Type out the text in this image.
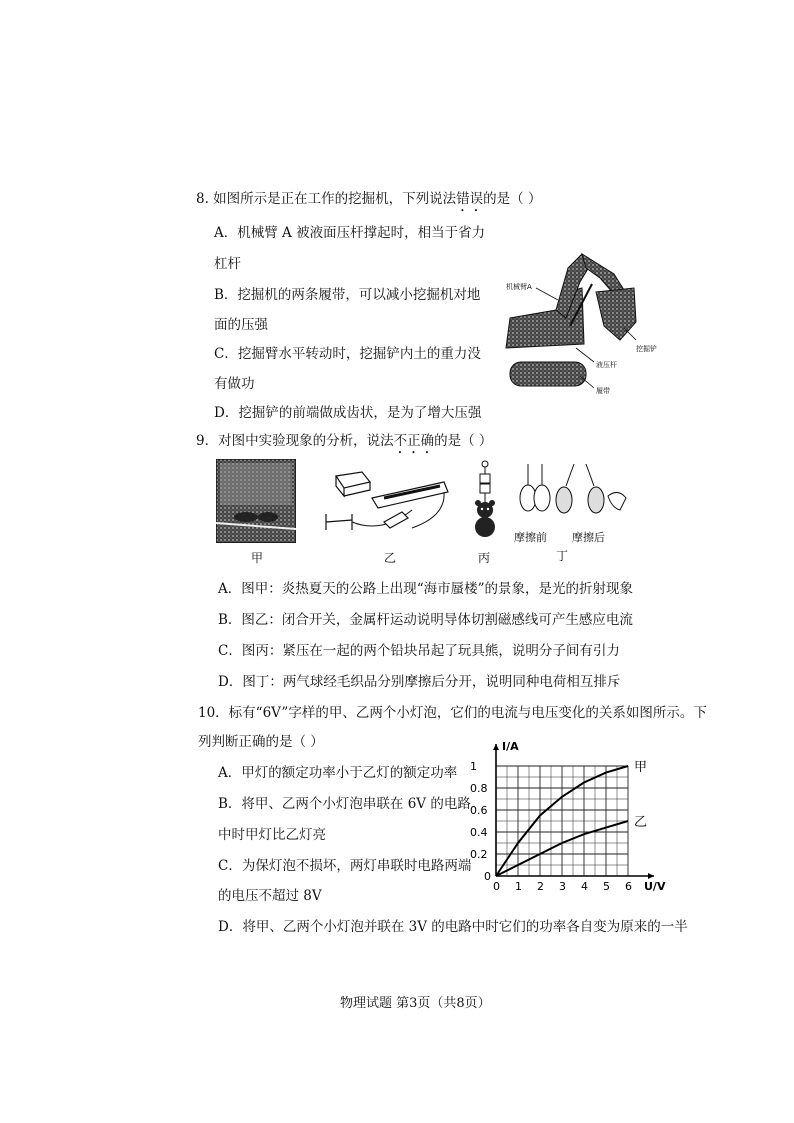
8. 如图所示是正在工作的挖掘机，下列说法错误的是（ ）
A．机械臂 A 被液面压杆撑起时，相当于省力
杠杆
B．挖掘机的两条履带，可以减小挖掘机对地
面的压强
C．挖掘臂水平转动时，挖掘铲内土的重力没
有做功
D．挖掘铲的前端做成齿状，是为了增大压强
机械臂A
挖掘铲
液压杆
履带
9．对图中实验现象的分析，说法不正确的是（ ）
甲	乙	丙
摩擦前 摩擦后
丁
A．图甲：炎热夏天的公路上出现“海市蜃楼”的景象，是光的折射现象
B．图乙：闭合开关，金属杆运动说明导体切割磁感线可产生感应电流
C．图丙：紧压在一起的两个铅块吊起了玩具熊，说明分子间有引力
D．图丁：两气球经毛织品分别摩擦后分开，说明同种电荷相互排斥
10．标有“6V”字样的甲、乙两个小灯泡，它们的电流与电压变化的关系如图所示。下
列判断正确的是（ ）
A．甲灯的额定功率小于乙灯的额定功率
B．将甲、乙两个小灯泡串联在 6V 的电路
中时甲灯比乙灯亮
C．为保灯泡不损坏，两灯串联时电路两端
的电压不超过 8V
D．将甲、乙两个小灯泡并联在 3V 的电路中时它们的功率各自变为原来的一半
0 1 2 3 4 5 6
0.2
0.4
0.6
0.8
1
0
U/V
I/A
甲
乙
物理试题 第3页（共8页）
